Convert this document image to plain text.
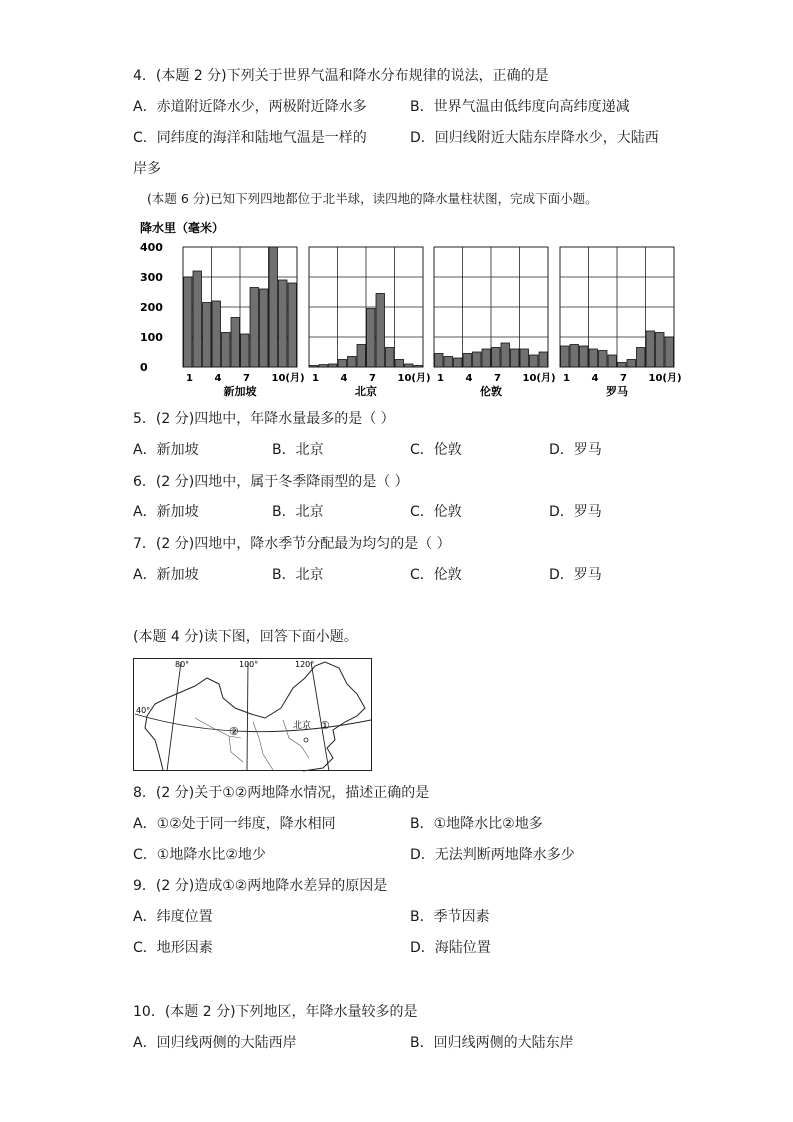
4．(本题 2 分)下列关于世界气温和降水分布规律的说法，正确的是
A．赤道附近降水少，两极附近降水多	B．世界气温由低纬度向高纬度递减
C．同纬度的海洋和陆地气温是一样的	D．回归线附近大陆东岸降水少，大陆西
岸多
(本题 6 分)已知下列四地都位于北半球，读四地的降水量柱状图，完成下面小题。
降水里（毫米）
400
300
200
100
0
1 4 7 10(月)
新加坡
1 4 7 10(月)
北京
1 4 7 10(月)
伦敦
1 4 7 10(月)
罗马
5．(2 分)四地中，年降水量最多的是（ ）
A．新加坡	B．北京	C．伦敦	D．罗马
6．(2 分)四地中，属于冬季降雨型的是（ ）
A．新加坡	B．北京	C．伦敦	D．罗马
7．(2 分)四地中，降水季节分配最为均匀的是（ ）
A．新加坡	B．北京	C．伦敦	D．罗马
(本题 4 分)读下图，回答下面小题。
80°	100°	120°
40°
北京 ①
②
8．(2 分)关于①②两地降水情况，描述正确的是
A．①②处于同一纬度，降水相同	B．①地降水比②地多
C．①地降水比②地少	D．无法判断两地降水多少
9．(2 分)造成①②两地降水差异的原因是
A．纬度位置	B．季节因素
C．地形因素	D．海陆位置
10．(本题 2 分)下列地区，年降水量较多的是
A．回归线两侧的大陆西岸	B．回归线两侧的大陆东岸
